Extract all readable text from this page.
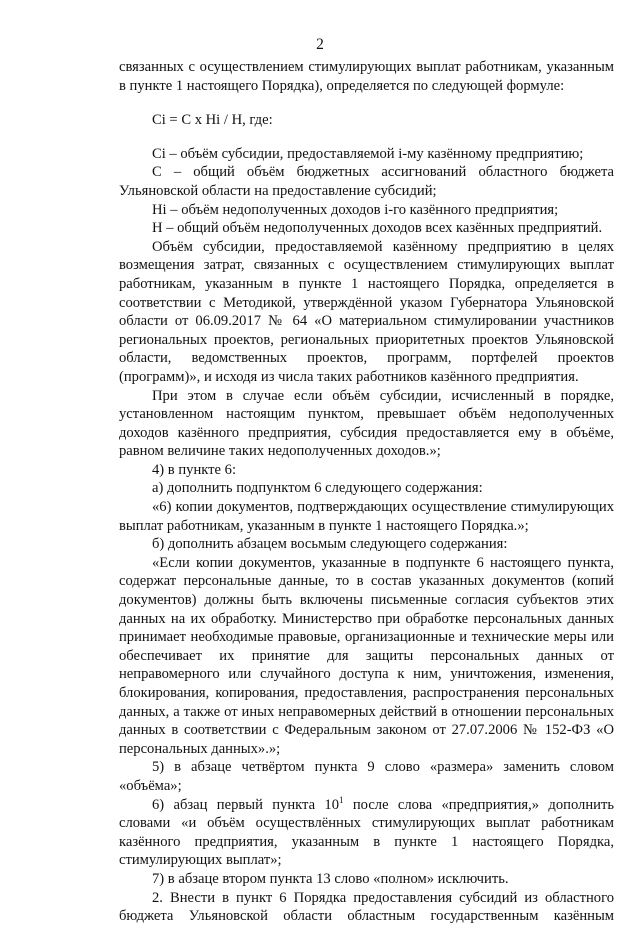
2

связанных с осуществлением стимулирующих выплат работникам, указанным в пункте 1 настоящего Порядка), определяется по следующей формуле:

Ci = C x Hi / H, где:

Ci – объём субсидии, предоставляемой i-му казённому предприятию;

С – общий объём бюджетных ассигнований областного бюджета Ульяновской области на предоставление субсидий;

Hi – объём недополученных доходов i-го казённого предприятия;

Н – общий объём недополученных доходов всех казённых предприятий.

Объём субсидии, предоставляемой казённому предприятию в целях возмещения затрат, связанных с осуществлением стимулирующих выплат работникам, указанным в пункте 1 настоящего Порядка, определяется в соответствии с Методикой, утверждённой указом Губернатора Ульяновской области от 06.09.2017 № 64 «О материальном стимулировании участников региональных проектов, региональных приоритетных проектов Ульяновской области, ведомственных проектов, программ, портфелей проектов (программ)», и исходя из числа таких работников казённого предприятия.

При этом в случае если объём субсидии, исчисленный в порядке, установленном настоящим пунктом, превышает объём недополученных доходов казённого предприятия, субсидия предоставляется ему в объёме, равном величине таких недополученных доходов.»;

4) в пункте 6:

а) дополнить подпунктом 6 следующего содержания:

«6) копии документов, подтверждающих осуществление стимулирующих выплат работникам, указанным в пункте 1 настоящего Порядка.»;

б) дополнить абзацем восьмым следующего содержания:

«Если копии документов, указанные в подпункте 6 настоящего пункта, содержат персональные данные, то в состав указанных документов (копий документов) должны быть включены письменные согласия субъектов этих данных на их обработку. Министерство при обработке персональных данных принимает необходимые правовые, организационные и технические меры или обеспечивает их принятие для защиты персональных данных от неправомерного или случайного доступа к ним, уничтожения, изменения, блокирования, копирования, предоставления, распространения персональных данных, а также от иных неправомерных действий в отношении персональных данных в соответствии с Федеральным законом от 27.07.2006 № 152-ФЗ «О персональных данных».»;

5) в абзаце четвёртом пункта 9 слово «размера» заменить словом «объёма»;

6) абзац первый пункта $10^1$ после слова «предприятия,» дополнить словами «и объём осуществлённых стимулирующих выплат работникам казённого предприятия, указанным в пункте 1 настоящего Порядка, стимулирующих выплат»;

7) в абзаце втором пункта 13 слово «полном» исключить.

2. Внести в пункт 6 Порядка предоставления субсидий из областного бюджета Ульяновской области областным государственным казённым
